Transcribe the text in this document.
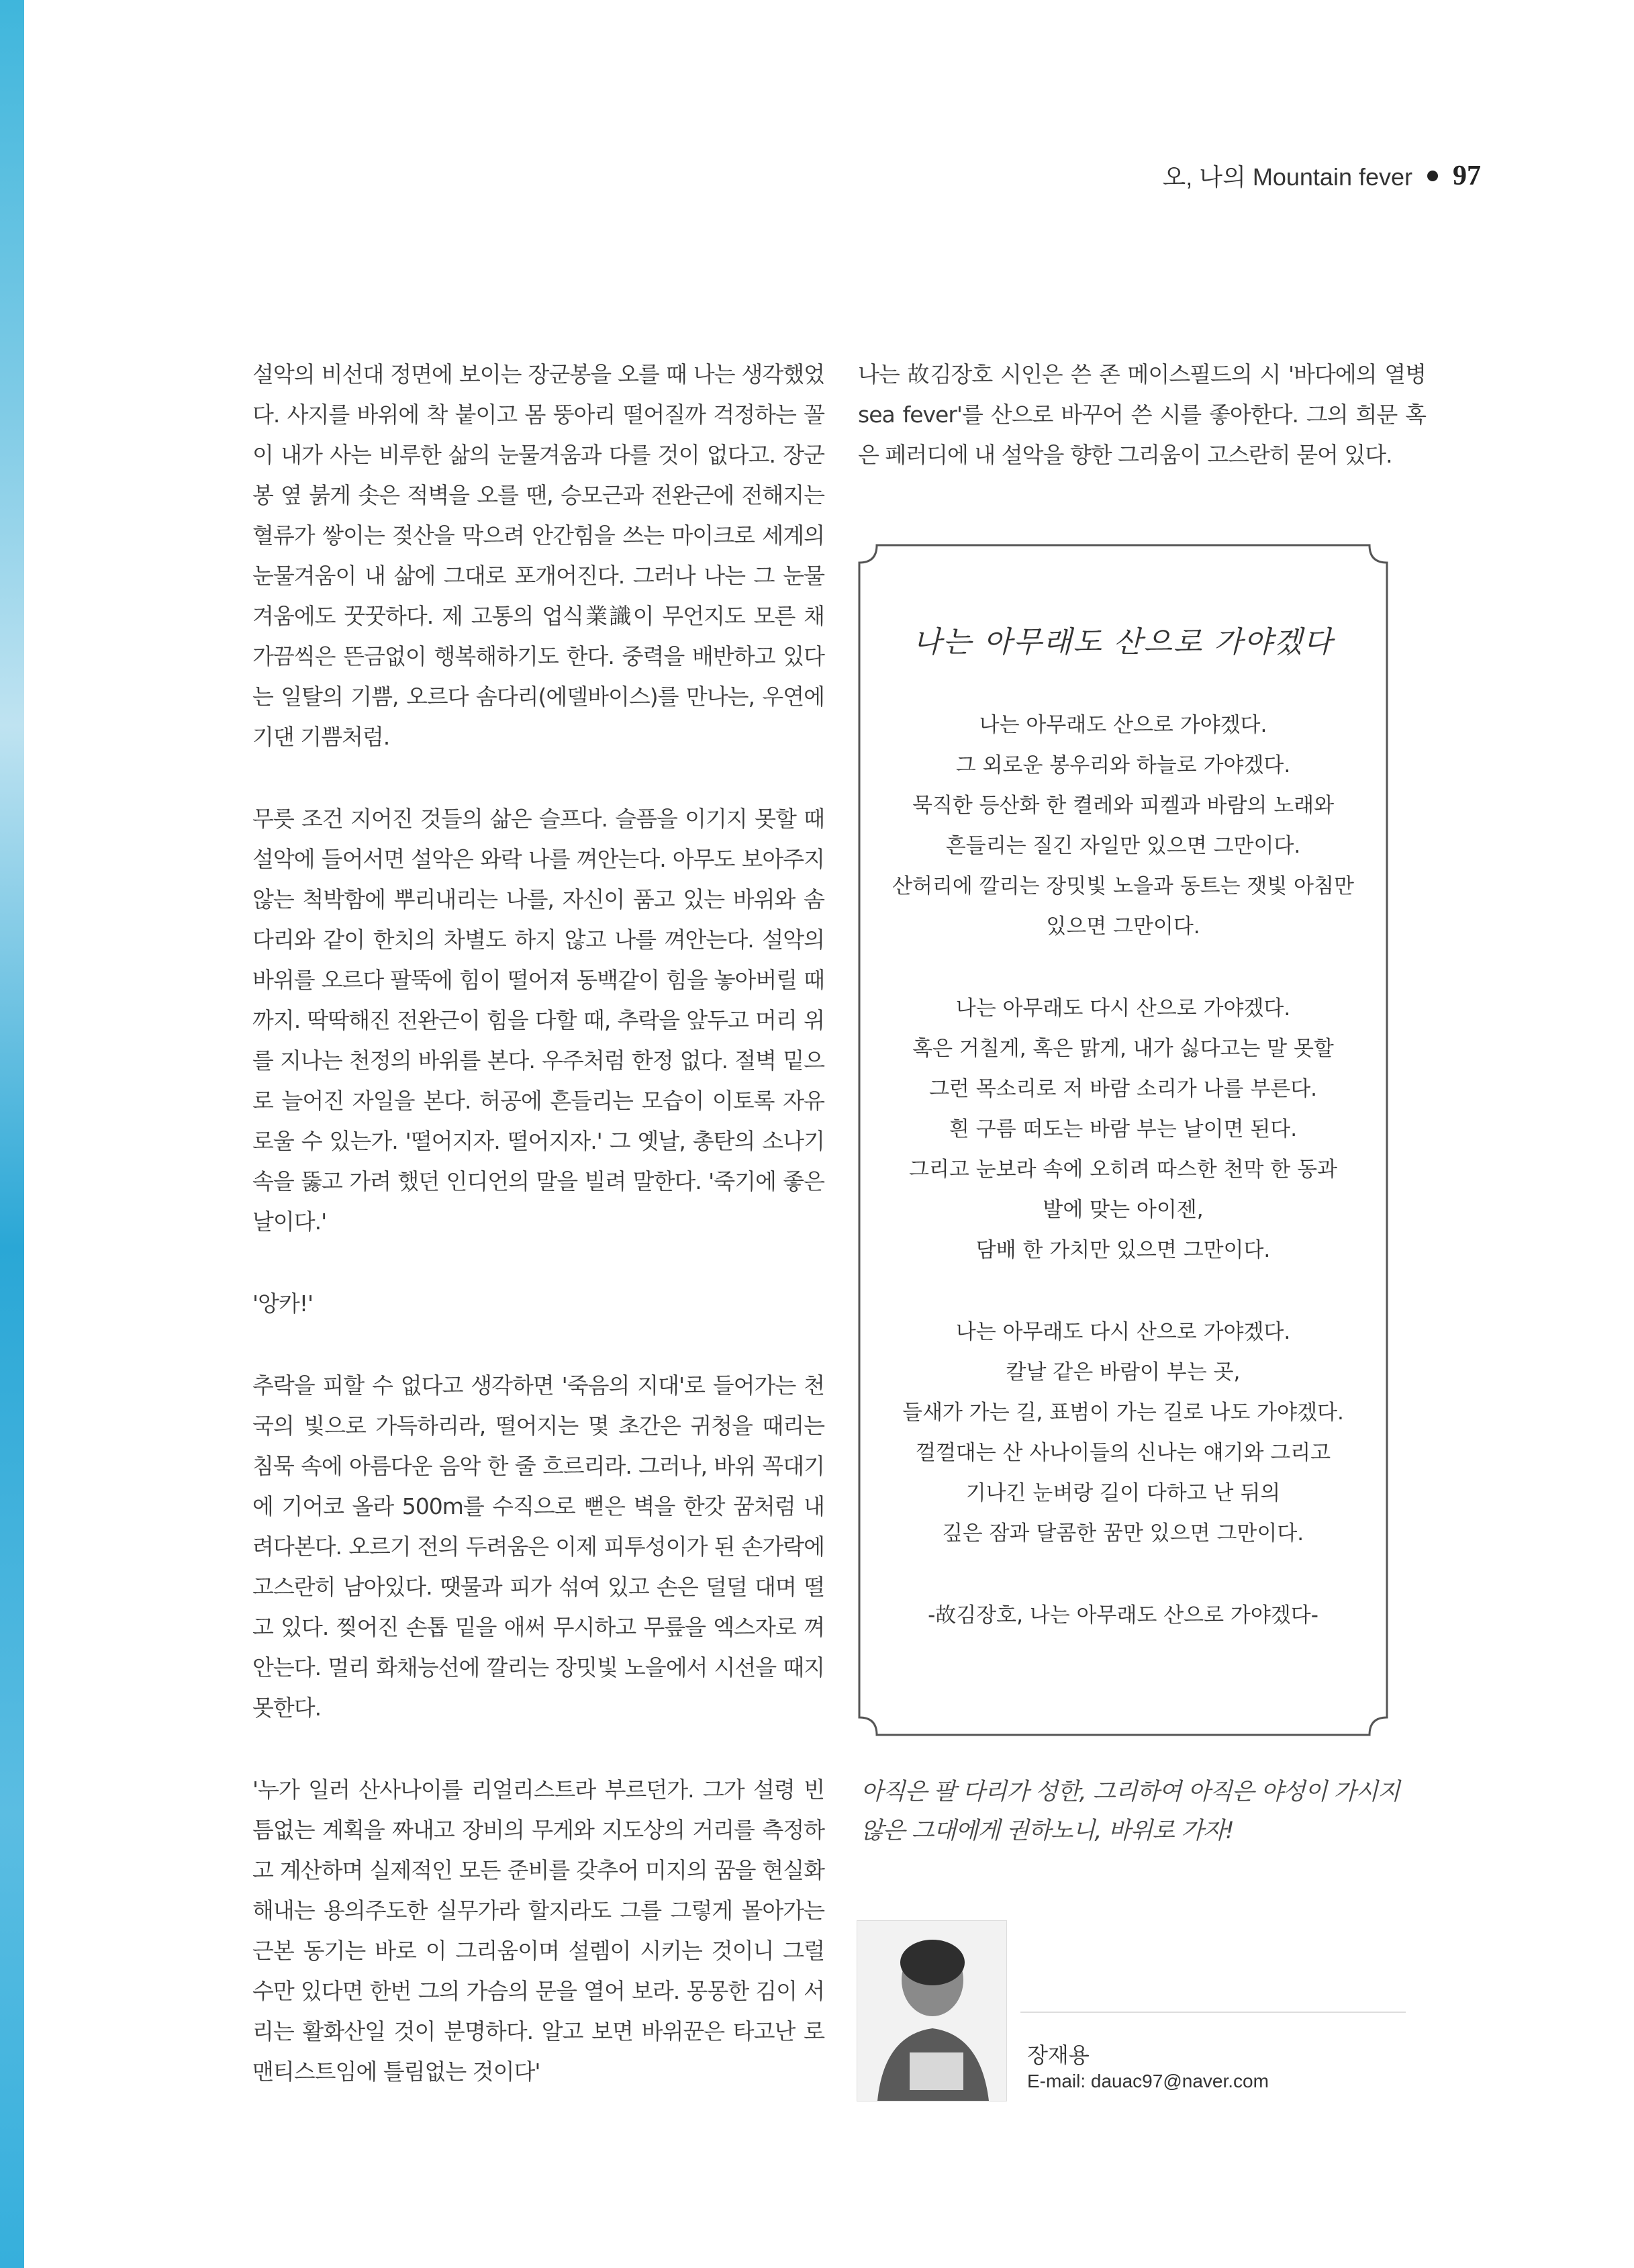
오, 나의 Mountain fever 97

설악의 비선대 정면에 보이는 장군봉을 오를 때 나는 생각했었다. 사지를 바위에 착 붙이고 몸 뚱아리 떨어질까 걱정하는 꼴이 내가 사는 비루한 삶의 눈물겨움과 다를 것이 없다고. 장군봉 옆 붉게 솟은 적벽을 오를 땐, 승모근과 전완근에 전해지는 혈류가 쌓이는 젖산을 막으려 안간힘을 쓰는 마이크로 세계의 눈물겨움이 내 삶에 그대로 포개어진다. 그러나 나는 그 눈물겨움에도 꿋꿋하다. 제 고통의 업식業識이 무언지도 모른 채 가끔씩은 뜬금없이 행복해하기도 한다. 중력을 배반하고 있다는 일탈의 기쁨, 오르다 솜다리(에델바이스)를 만나는, 우연에 기댄 기쁨처럼.

무릇 조건 지어진 것들의 삶은 슬프다. 슬픔을 이기지 못할 때 설악에 들어서면 설악은 와락 나를 껴안는다. 아무도 보아주지 않는 척박함에 뿌리내리는 나를, 자신이 품고 있는 바위와 솜다리와 같이 한치의 차별도 하지 않고 나를 껴안는다. 설악의 바위를 오르다 팔뚝에 힘이 떨어져 동백같이 힘을 놓아버릴 때까지. 딱딱해진 전완근이 힘을 다할 때, 추락을 앞두고 머리 위를 지나는 천정의 바위를 본다. 우주처럼 한정 없다. 절벽 밑으로 늘어진 자일을 본다. 허공에 흔들리는 모습이 이토록 자유로울 수 있는가. '떨어지자. 떨어지자.' 그 옛날, 총탄의 소나기 속을 뚫고 가려 했던 인디언의 말을 빌려 말한다. '죽기에 좋은 날이다.'

'앙카!'

추락을 피할 수 없다고 생각하면 '죽음의 지대'로 들어가는 천국의 빛으로 가득하리라, 떨어지는 몇 초간은 귀청을 때리는 침묵 속에 아름다운 음악 한 줄 흐르리라. 그러나, 바위 꼭대기에 기어코 올라 500m를 수직으로 뻗은 벽을 한갓 꿈처럼 내려다본다. 오르기 전의 두려움은 이제 피투성이가 된 손가락에 고스란히 남아있다. 땟물과 피가 섞여 있고 손은 덜덜 대며 떨고 있다. 찢어진 손톱 밑을 애써 무시하고 무릎을 엑스자로 껴안는다. 멀리 화채능선에 깔리는 장밋빛 노을에서 시선을 때지 못한다.

'누가 일러 산사나이를 리얼리스트라 부르던가. 그가 설령 빈틈없는 계획을 짜내고 장비의 무게와 지도상의 거리를 측정하고 계산하며 실제적인 모든 준비를 갖추어 미지의 꿈을 현실화 해내는 용의주도한 실무가라 할지라도 그를 그렇게 몰아가는 근본 동기는 바로 이 그리움이며 설렘이 시키는 것이니 그럴 수만 있다면 한번 그의 가슴의 문을 열어 보라. 몽몽한 김이 서리는 활화산일 것이 분명하다. 알고 보면 바위꾼은 타고난 로맨티스트임에 틀림없는 것이다'

나는 故김장호 시인은 쓴 존 메이스필드의 시 '바다에의 열병 sea fever'를 산으로 바꾸어 쓴 시를 좋아한다. 그의 희문 혹은 페러디에 내 설악을 향한 그리움이 고스란히 묻어 있다.

나는 아무래도 산으로 가야겠다
나는 아무래도 산으로 가야겠다.
그 외로운 봉우리와 하늘로 가야겠다.
묵직한 등산화 한 켤레와 피켈과 바람의 노래와
흔들리는 질긴 자일만 있으면 그만이다.
산허리에 깔리는 장밋빛 노을과 동트는 잿빛 아침만
있으면 그만이다.
나는 아무래도 다시 산으로 가야겠다.
혹은 거칠게, 혹은 맑게, 내가 싫다고는 말 못할
그런 목소리로 저 바람 소리가 나를 부른다.
흰 구름 떠도는 바람 부는 날이면 된다.
그리고 눈보라 속에 오히려 따스한 천막 한 동과
발에 맞는 아이젠,
담배 한 가치만 있으면 그만이다.
나는 아무래도 다시 산으로 가야겠다.
칼날 같은 바람이 부는 곳,
들새가 가는 길, 표범이 가는 길로 나도 가야겠다.
껄껄대는 산 사나이들의 신나는 얘기와 그리고
기나긴 눈벼랑 길이 다하고 난 뒤의
깊은 잠과 달콤한 꿈만 있으면 그만이다.
-故김장호, 나는 아무래도 산으로 가야겠다-
아직은 팔 다리가 성한, 그리하여 아직은 야성이 가시지 않은 그대에게 권하노니, 바위로 가자!
장재용
E-mail: dauac97@naver.com
